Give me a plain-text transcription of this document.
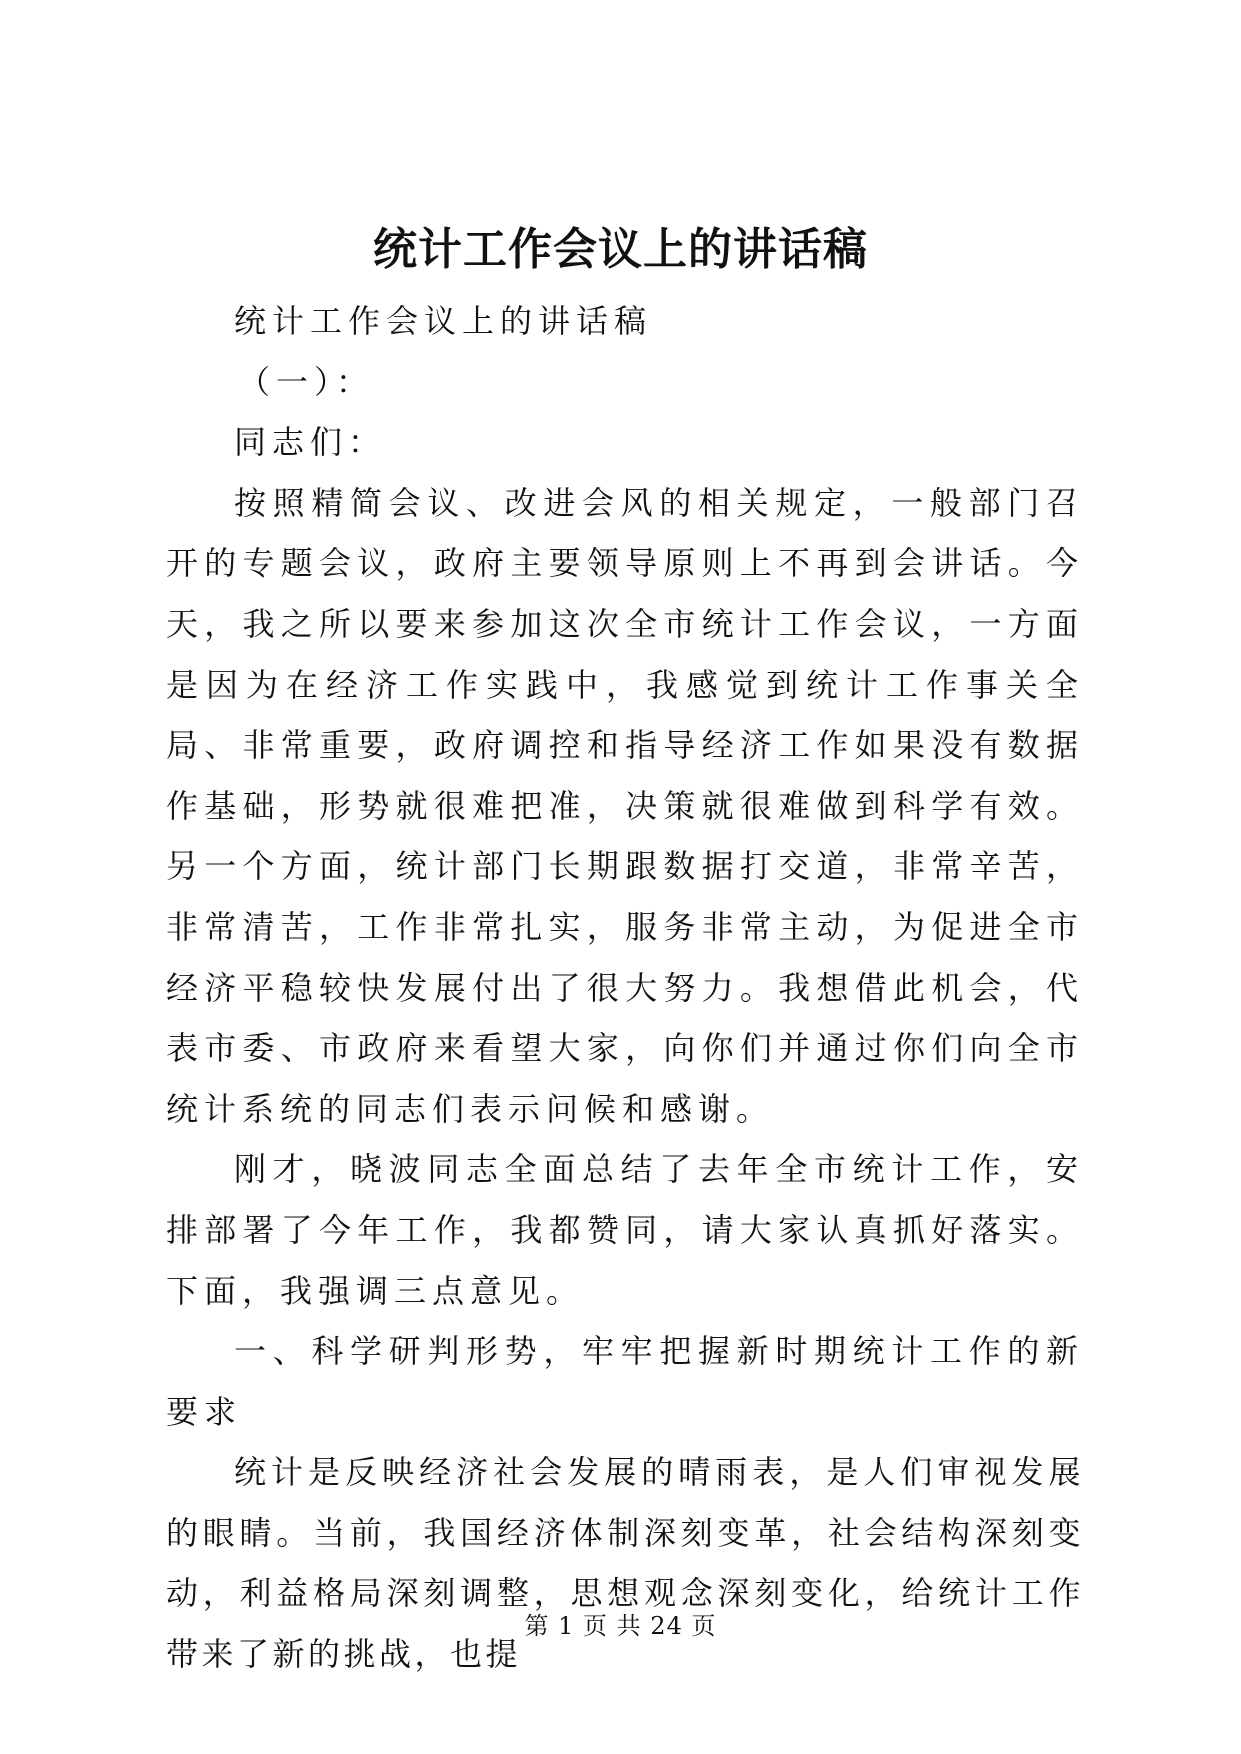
统计工作会议上的讲话稿

统计工作会议上的讲话稿

（一）：

同志们：

按照精简会议、改进会风的相关规定，一般部门召开的专题会议，政府主要领导原则上不再到会讲话。今天，我之所以要来参加这次全市统计工作会议，一方面是因为在经济工作实践中，我感觉到统计工作事关全局、非常重要，政府调控和指导经济工作如果没有数据作基础，形势就很难把准，决策就很难做到科学有效。另一个方面，统计部门长期跟数据打交道，非常辛苦，非常清苦，工作非常扎实，服务非常主动，为促进全市经济平稳较快发展付出了很大努力。我想借此机会，代表市委、市政府来看望大家，向你们并通过你们向全市统计系统的同志们表示问候和感谢。

刚才，晓波同志全面总结了去年全市统计工作，安排部署了今年工作，我都赞同，请大家认真抓好落实。下面，我强调三点意见。

一、科学研判形势，牢牢把握新时期统计工作的新要求

统计是反映经济社会发展的晴雨表，是人们审视发展的眼睛。当前，我国经济体制深刻变革，社会结构深刻变动，利益格局深刻调整，思想观念深刻变化，给统计工作带来了新的挑战，也提

第 1 页 共 24 页
